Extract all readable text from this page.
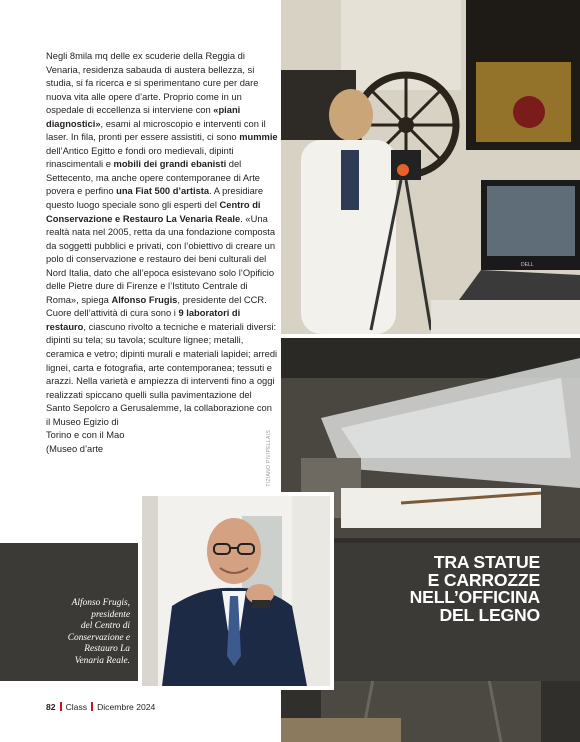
DELL

Negli 8mila mq delle ex scuderie della Reggia di Venaria, residenza sabauda di austera bellezza, si studia, si fa ricerca e si sperimentano cure per dare nuova vita alle opere d’arte. Proprio come in un ospedale di eccellenza si interviene con «piani diagnostici», esami al microscopio e interventi con il laser. In fila, pronti per essere assistiti, ci sono mummie dell’Antico Egitto e fondi oro medievali, dipinti rinascimentali e mobili dei grandi ebanisti del Settecento, ma anche opere contemporanee di Arte povera e perfino una Fiat 500 d’artista. A presidiare questo luogo speciale sono gli esperti del Centro di Conservazione e Restauro La Venaria Reale. «Una realtà nata nel 2005, retta da una fondazione composta da soggetti pubblici e privati, con l’obiettivo di creare un polo di conservazione e restauro dei beni culturali del Nord Italia, dato che all’epoca esistevano solo l’Opificio delle Pietre dure di Firenze e l’Istituto Centrale di Roma», spiega Alfonso Frugis, presidente del CCR. Cuore dell’attività di cura sono i 9 laboratori di restauro, ciascuno rivolto a tecniche e materiali diversi: dipinti su tela; su tavola; sculture lignee; metalli, ceramica e vetro; dipinti murali e materiali lapidei; arredi lignei, carta e fotografia, arte contemporanea; tessuti e arazzi. Nella varietà e ampiezza di interventi fino a oggi realizzati spiccano quelli sulla pavimentazione del Santo Sepolcro a Gerusalemme, la collaborazione con il Museo Egizio di

Torino e con il Mao
(Museo d’arte	TIZIANO PIVIPELLAIS
Alfonso Frugis,
presidente
del Centro di
Conservazione e
Restauro La
Venaria Reale.
TRA STATUE
E CARROZZE
NELL’OFFICINA
DEL LEGNO
82 Class Dicembre 2024
